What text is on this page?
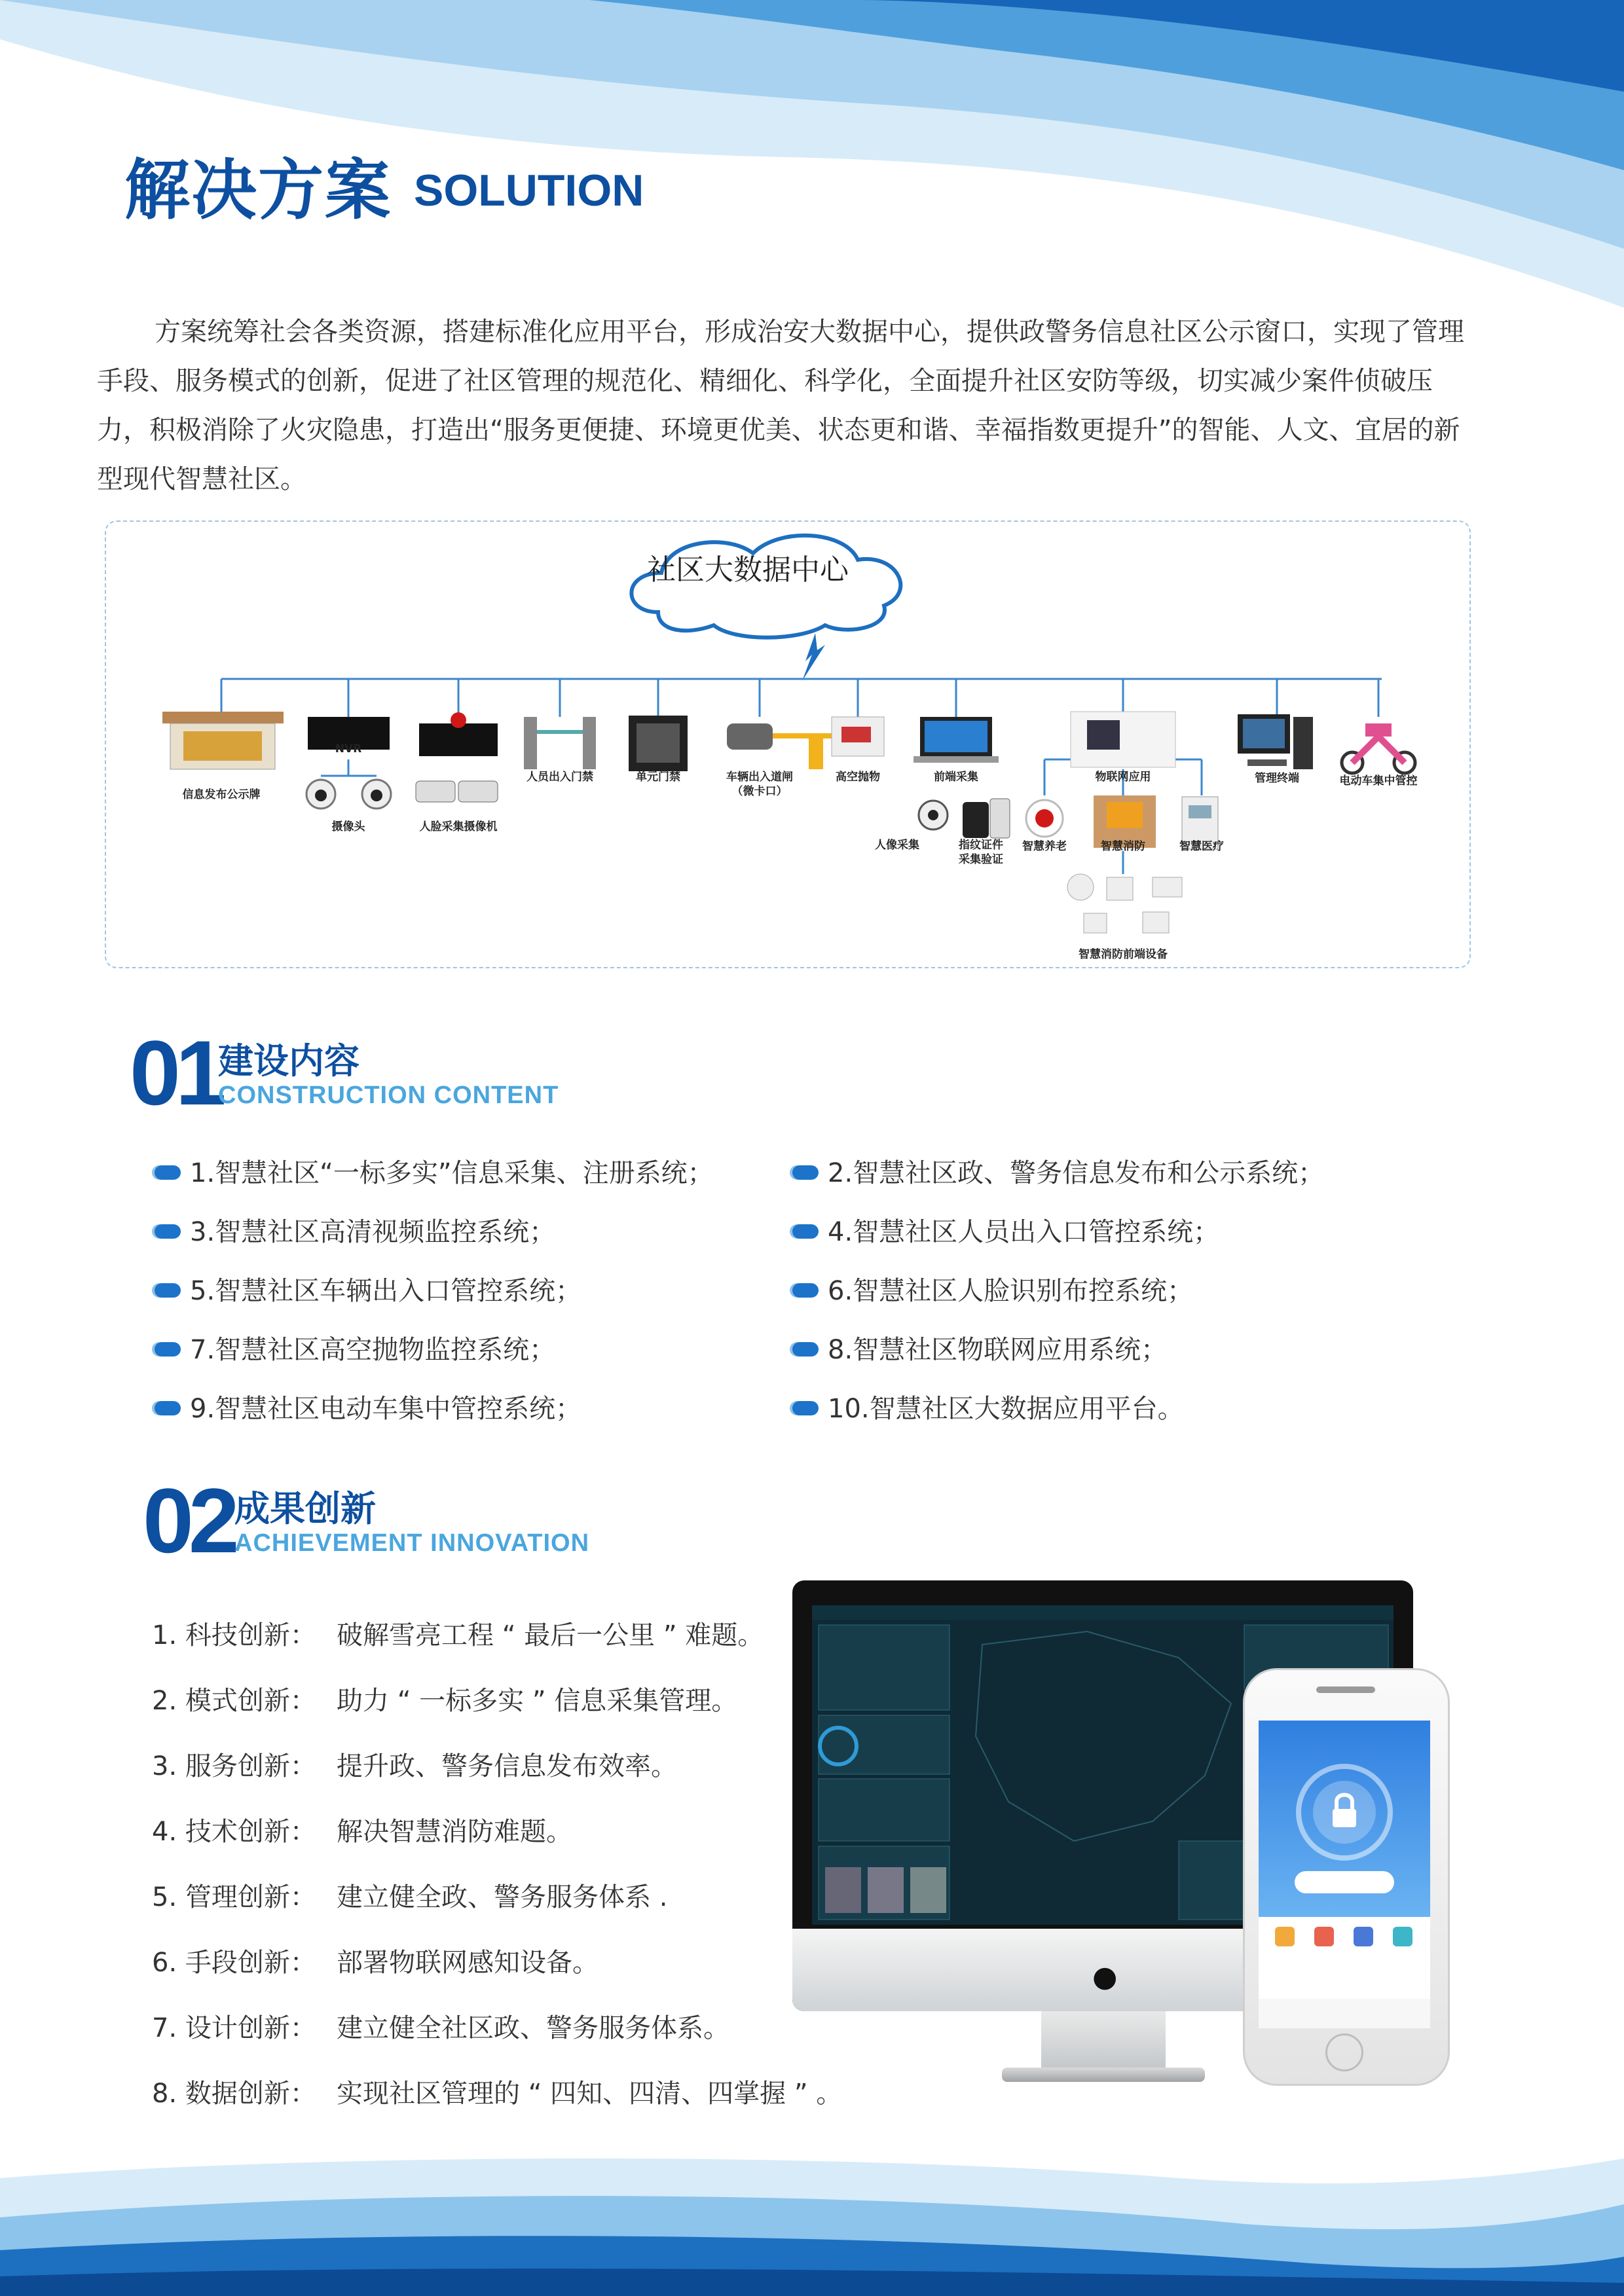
解决方案 SOLUTION
方案统筹社会各类资源，搭建标准化应用平台，形成治安大数据中心，提供政警务信息社区公示窗口，实现了管理手段、服务模式的创新，促进了社区管理的规范化、精细化、科学化，全面提升社区安防等级，切实减少案件侦破压力，积极消除了火灾隐患，打造出“服务更便捷、环境更优美、状态更和谐、幸福指数更提升”的智能、人文、宜居的新型现代智慧社区。
社区大数据中心
信息发布公示牌
NVR
摄像头	人脸采集摄像机
人员出入门禁	单元门禁	车辆出入道闸
（微卡口）
高空抛物	前端采集
人像采集	指纹证件
采集验证
物联网应用
智慧养老	智慧消防	智慧医疗
智慧消防前端设备
管理终端	电动车集中管控
01
建设内容
CONSTRUCTION CONTENT
1.智慧社区“一标多实”信息采集、注册系统；	2.智慧社区政、警务信息发布和公示系统；
3.智慧社区高清视频监控系统；	4.智慧社区人员出入口管控系统；
5.智慧社区车辆出入口管控系统；	6.智慧社区人脸识别布控系统；
7.智慧社区高空抛物监控系统；	8.智慧社区物联网应用系统；
9.智慧社区电动车集中管控系统；	10.智慧社区大数据应用平台。
02 成果创新
ACHIEVEMENT INNOVATION
1. 科技创新： 破解雪亮工程 “ 最后一公里 ” 难题。
2. 模式创新： 助力 “ 一标多实 ” 信息采集管理。
3. 服务创新： 提升政、警务信息发布效率。
4. 技术创新： 解决智慧消防难题。
5. 管理创新： 建立健全政、警务服务体系 .
6. 手段创新： 部署物联网感知设备。
7. 设计创新： 建立健全社区政、警务服务体系。
8. 数据创新： 实现社区管理的 “ 四知、四清、四掌握 ” 。
●
